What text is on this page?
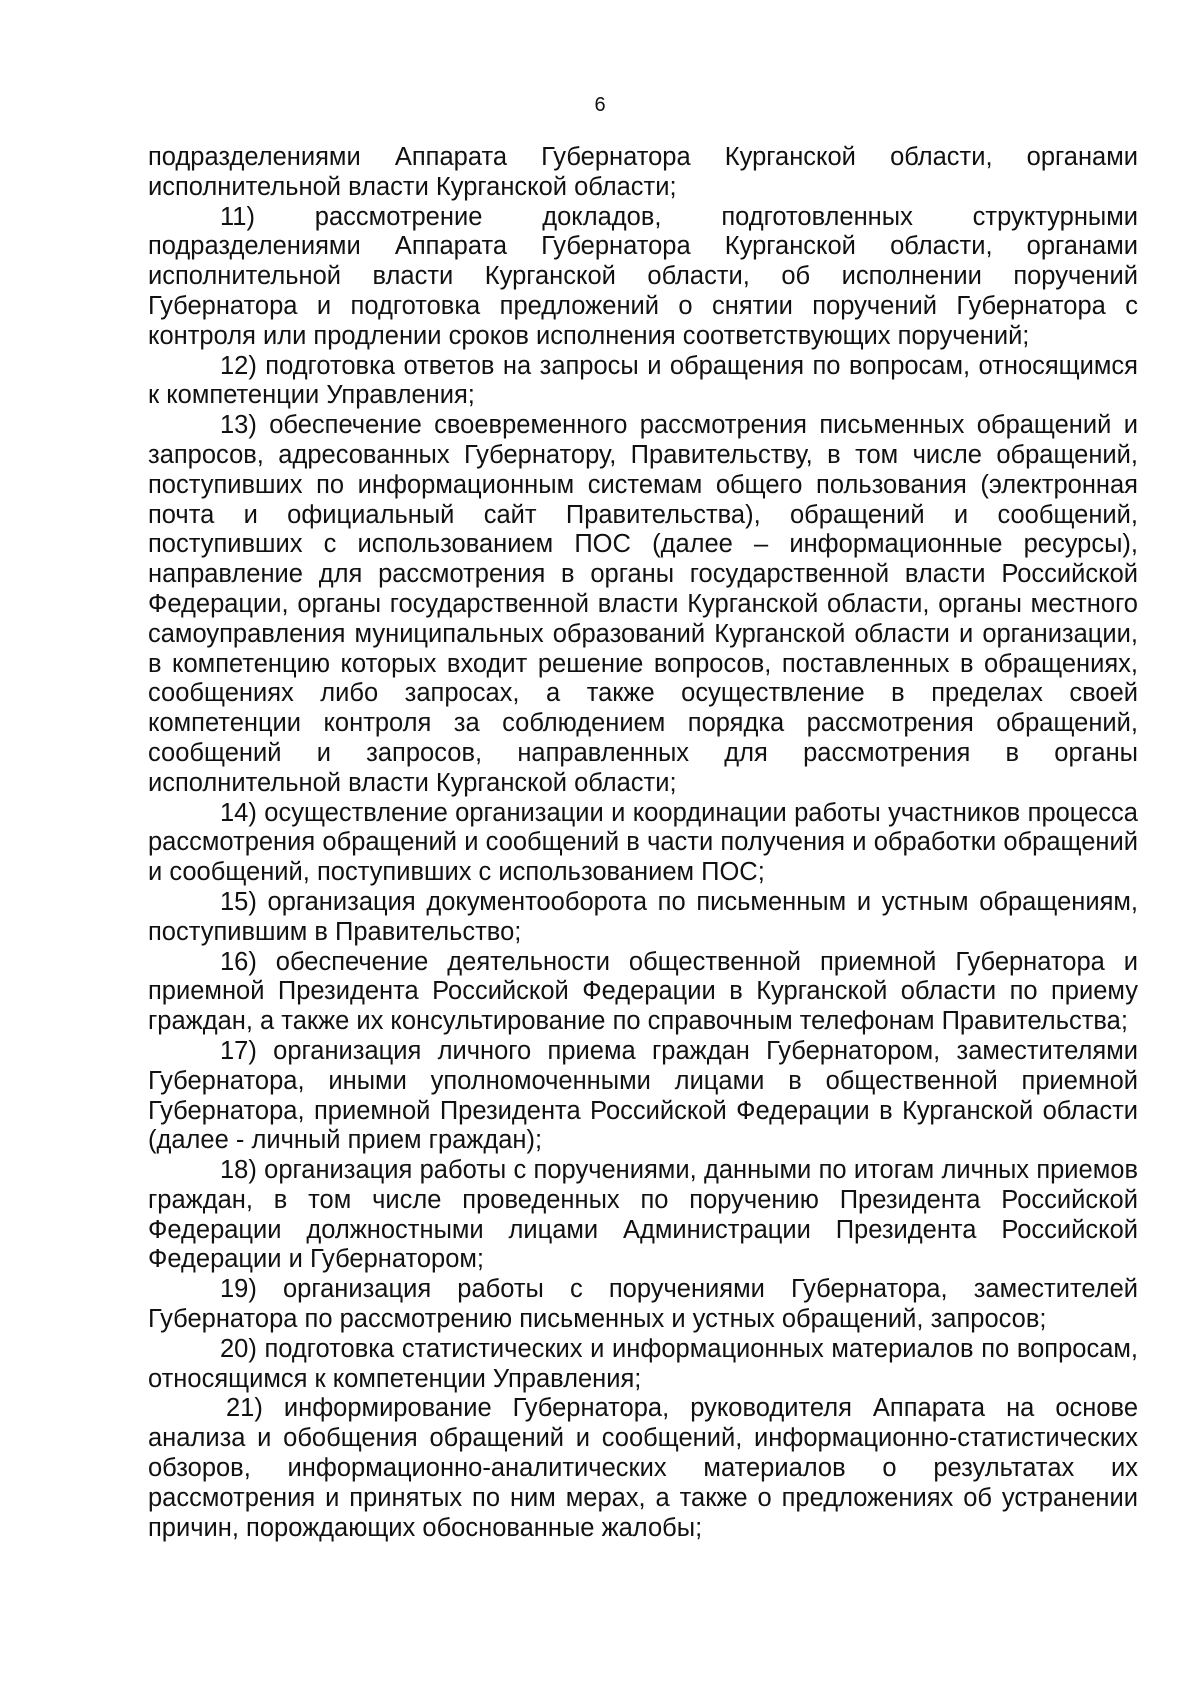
6

подразделениями Аппарата Губернатора Курганской области, органами исполнительной власти Курганской области;

11) рассмотрение докладов, подготовленных структурными подразделениями Аппарата Губернатора Курганской области, органами исполнительной власти Курганской области, об исполнении поручений Губернатора и подготовка предложений о снятии поручений Губернатора с контроля или продлении сроков исполнения соответствующих поручений;

12) подготовка ответов на запросы и обращения по вопросам, относящимся к компетенции Управления;

13) обеспечение своевременного рассмотрения письменных обращений и запросов, адресованных Губернатору, Правительству, в том числе обращений, поступивших по информационным системам общего пользования (электронная почта и официальный сайт Правительства), обращений и сообщений, поступивших с использованием ПОС (далее – информационные ресурсы), направление для рассмотрения в органы государственной власти Российской Федерации, органы государственной власти Курганской области, органы местного самоуправления муниципальных образований Курганской области и организации, в компетенцию которых входит решение вопросов, поставленных в обращениях, сообщениях либо запросах, а также осуществление в пределах своей компетенции контроля за соблюдением порядка рассмотрения обращений, сообщений и запросов, направленных для рассмотрения в органы исполнительной власти Курганской области;

14) осуществление организации и координации работы участников процесса рассмотрения обращений и сообщений в части получения и обработки обращений и сообщений, поступивших с использованием ПОС;

15) организация документооборота по письменным и устным обращениям, поступившим в Правительство;

16) обеспечение деятельности общественной приемной Губернатора и приемной Президента Российской Федерации в Курганской области по приему граждан, а также их консультирование по справочным телефонам Правительства;

17) организация личного приема граждан Губернатором, заместителями Губернатора, иными уполномоченными лицами в общественной приемной Губернатора, приемной Президента Российской Федерации в Курганской области (далее - личный прием граждан);

18) организация работы с поручениями, данными по итогам личных приемов граждан, в том числе проведенных по поручению Президента Российской Федерации должностными лицами Администрации Президента Российской Федерации и Губернатором;

19) организация работы с поручениями Губернатора, заместителей Губернатора по рассмотрению письменных и устных обращений, запросов;

20) подготовка статистических и информационных материалов по вопросам, относящимся к компетенции Управления;

21) информирование Губернатора, руководителя Аппарата на основе анализа и обобщения обращений и сообщений, информационно-статистических обзоров, информационно-аналитических материалов о результатах их рассмотрения и принятых по ним мерах, а также о предложениях об устранении причин, порождающих обоснованные жалобы;
